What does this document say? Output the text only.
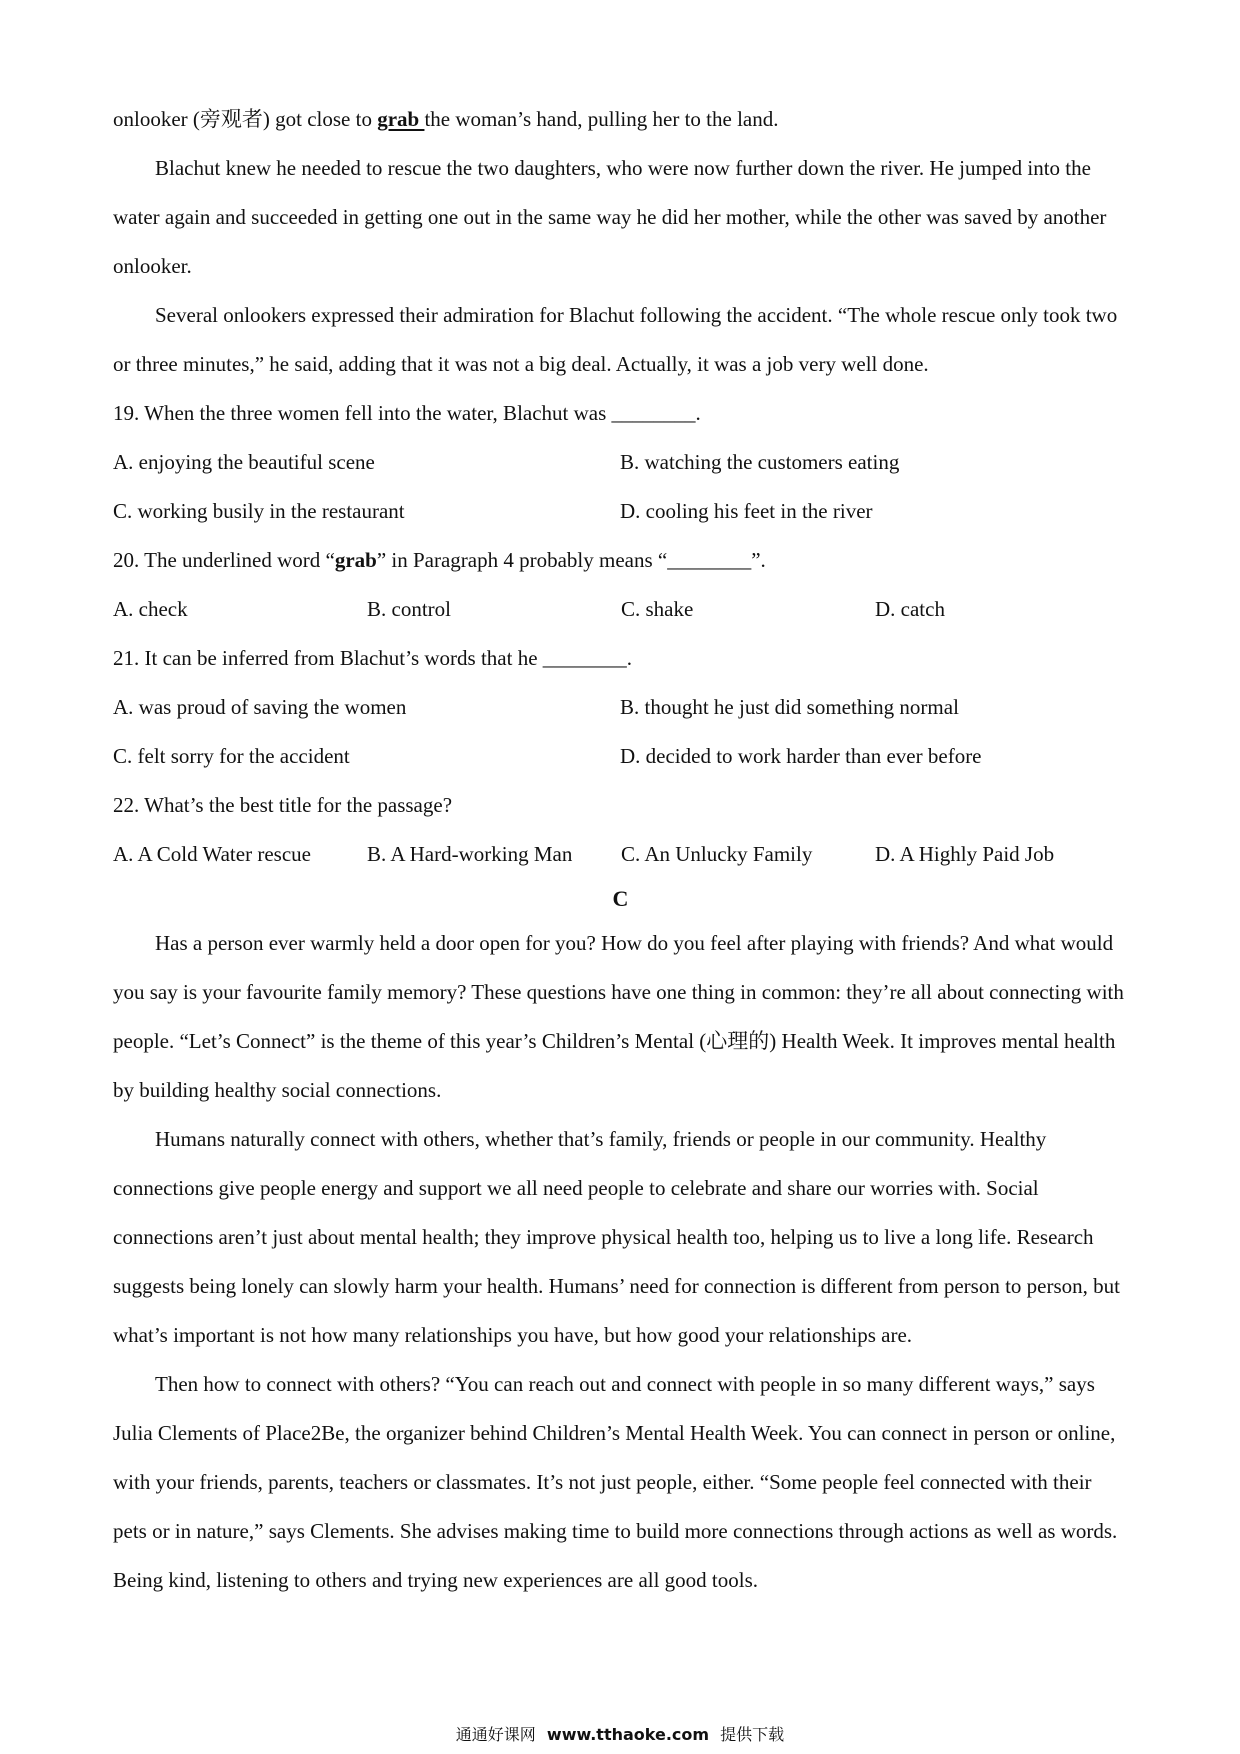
onlooker (旁观者) got close to grab the woman’s hand, pulling her to the land.

Blachut knew he needed to rescue the two daughters, who were now further down the river. He jumped into the water again and succeeded in getting one out in the same way he did her mother, while the other was saved by another onlooker.

Several onlookers expressed their admiration for Blachut following the accident. “The whole rescue only took two or three minutes,” he said, adding that it was not a big deal. Actually, it was a job very well done.

19. When the three women fell into the water, Blachut was ________.
A. enjoying the beautiful scene	B. watching the customers eating
C. working busily in the restaurant	D. cooling his feet in the river
20. The underlined word “grab” in Paragraph 4 probably means “________”.
A. check	B. control	C. shake	D. catch
21. It can be inferred from Blachut’s words that he ________.
A. was proud of saving the women	B. thought he just did something normal
C. felt sorry for the accident	D. decided to work harder than ever before
22. What’s the best title for the passage?
A. A Cold Water rescue	B. A Hard-working Man	C. An Unlucky Family	D. A Highly Paid Job
C

Has a person ever warmly held a door open for you? How do you feel after playing with friends? And what would you say is your favourite family memory? These questions have one thing in common: they’re all about connecting with people. “Let’s Connect” is the theme of this year’s Children’s Mental (心理的) Health Week. It improves mental health by building healthy social connections.

Humans naturally connect with others, whether that’s family, friends or people in our community. Healthy connections give people energy and support we all need people to celebrate and share our worries with. Social connections aren’t just about mental health; they improve physical health too, helping us to live a long life. Research suggests being lonely can slowly harm your health. Humans’ need for connection is different from person to person, but what’s important is not how many relationships you have, but how good your relationships are.

Then how to connect with others? “You can reach out and connect with people in so many different ways,” says Julia Clements of Place2Be, the organizer behind Children’s Mental Health Week. You can connect in person or online, with your friends, parents, teachers or classmates. It’s not just people, either. “Some people feel connected with their pets or in nature,” says Clements. She advises making time to build more connections through actions as well as words. Being kind, listening to others and trying new experiences are all good tools.

通通好课网 www.tthaoke.com 提供下载
